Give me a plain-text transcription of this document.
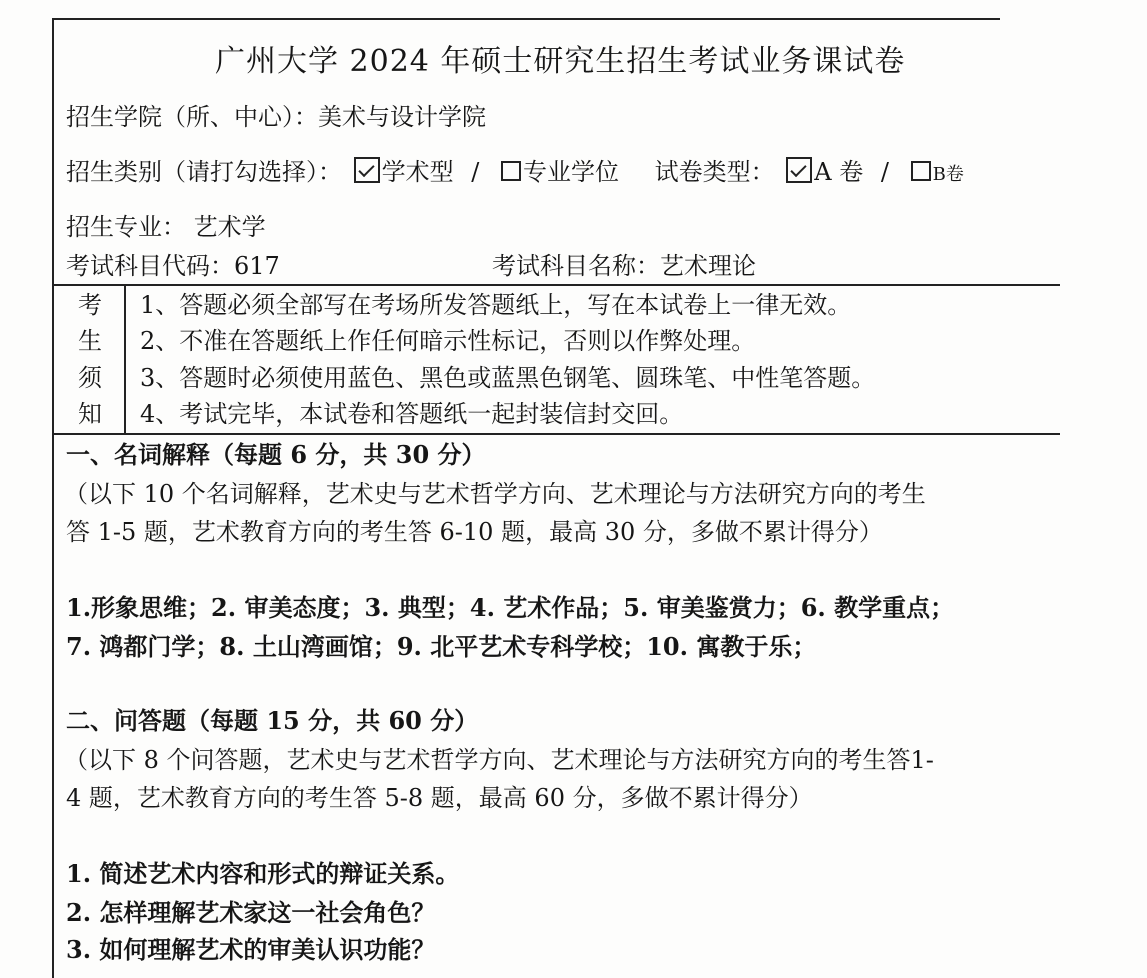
广州大学 2024 年硕士研究生招生考试业务课试卷
招生学院（所、中心）：美术与设计学院
招生类别（请打勾选择）： 学术型 / 专业学位 试卷类型： A 卷 / B卷
招生专业： 艺术学
考试科目代码：617	考试科目名称：艺术理论
考
生
须
知
1、答题必须全部写在考场所发答题纸上，写在本试卷上一律无效。
2、不准在答题纸上作任何暗示性标记，否则以作弊处理。
3、答题时必须使用蓝色、黑色或蓝黑色钢笔、圆珠笔、中性笔答题。
4、考试完毕，本试卷和答题纸一起封装信封交回。
一、名词解释（每题 6 分，共 30 分）
（以下 10 个名词解释，艺术史与艺术哲学方向、艺术理论与方法研究方向的考生
答 1-5 题，艺术教育方向的考生答 6-10 题，最高 30 分，多做不累计得分）
1.形象思维；2. 审美态度；3. 典型；4. 艺术作品；5. 审美鉴赏力；6. 教学重点；
7. 鸿都门学；8. 土山湾画馆；9. 北平艺术专科学校；10. 寓教于乐；
二、问答题（每题 15 分，共 60 分）
（以下 8 个问答题，艺术史与艺术哲学方向、艺术理论与方法研究方向的考生答1-
4 题，艺术教育方向的考生答 5-8 题，最高 60 分，多做不累计得分）
1. 简述艺术内容和形式的辩证关系。
2. 怎样理解艺术家这一社会角色？
3. 如何理解艺术的审美认识功能？
